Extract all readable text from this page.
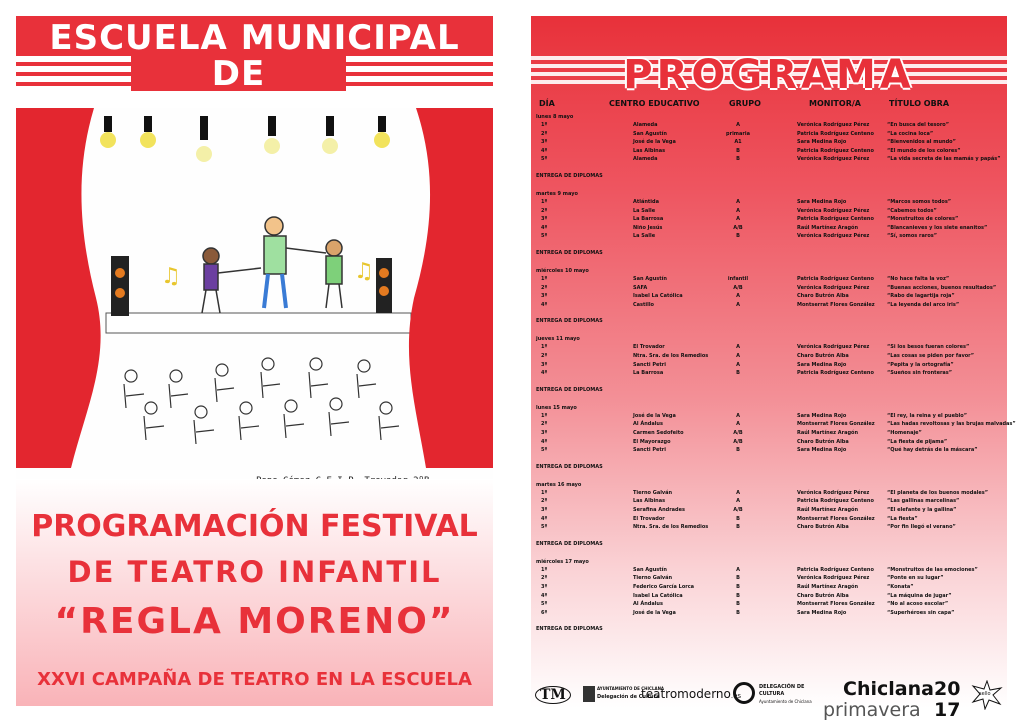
ESCUELA MUNICIPAL
DE
♫	♫
PROGRAMACIÓN FESTIVAL
DE TEATRO INFANTIL
“REGLA MORENO”
XXVI CAMPAÑA DE TEATRO EN LA ESCUELA
PROGRAMA
DÍA	CENTRO EDUCATIVO	GRUPO	MONITOR/A	TÍTULO OBRA
lunes 8 mayo
1º	Alameda	A	Verónica Rodríguez Pérez	“En busca del tesoro”
2º	San Agustín	primaria	Patricia Rodríguez Centeno	“La cocina loca”
3º	José de la Vega	A1	Sara Medina Rojo	“Bienvenidos al mundo”
4º	Las Albinas	B	Patricia Rodríguez Centeno	“El mundo de los colores”
5º	Alameda	B	Verónica Rodríguez Pérez	“La vida secreta de las mamás y papás”
ENTREGA DE DIPLOMAS
martes 9 mayo
1º	Atlántida	A	Sara Medina Rojo	“Marcos somos todos”
2º	La Salle	A	Verónica Rodríguez Pérez	“Cabemos todos”
3º	La Barrosa	A	Patricia Rodríguez Centeno	“Monstruitos de colores”
4º	Niño Jesús	A/B	Raúl Martínez Aragón	“Blancanieves y los siete enanitos”
5º	La Salle	B	Verónica Rodríguez Pérez	“Sí, somos raros”
ENTREGA DE DIPLOMAS
miércoles 10 mayo
1º	San Agustín	infantil	Patricia Rodríguez Centeno	“No hace falta la voz”
2º	SAFA	A/B	Verónica Rodríguez Pérez	“Buenas acciones, buenos resultados”
3º	Isabel La Católica	A	Charo Butrón Alba	“Rabo de lagartija roja”
4º	Castillo	A	Montserrat Flores González “La leyenda del arco iris”
ENTREGA DE DIPLOMAS
jueves 11 mayo
1º	El Trovador	A	Verónica Rodríguez Pérez	“Si los besos fueran colores”
2º	Ntra. Sra. de los Remedios	A	Charo Butrón Alba	“Las cosas se piden por favor”
3º	Sancti Petri	A	Sara Medina Rojo	“Pepita y la ortografía”
4º	La Barrosa	B	Patricia Rodríguez Centeno	“Sueños sin fronteras”
ENTREGA DE DIPLOMAS
lunes 15 mayo
1º	José de la Vega	A	Sara Medina Rojo	“El rey, la reina y el pueblo”
2º	Al Ándalus	A	Montserrat Flores González “Las hadas revoltosas y las brujas malvadas”
3º	Carmen Sedofeito	A/B	Raúl Martínez Aragón	“Homenaje”
4º	El Mayorazgo	A/B	Charo Butrón Alba	“La fiesta de pijama”
5º	Sancti Petri	B	Sara Medina Rojo	“Qué hay detrás de la máscara”
ENTREGA DE DIPLOMAS
martes 16 mayo
1º	Tierno Galván	A	Verónica Rodríguez Pérez	“El planeta de los buenos modales”
2º	Las Albinas	A	Patricia Rodríguez Centeno	“Las gallinas marcelinas”
3º	Serafina Andrades	A/B	Raúl Martínez Aragón	“El elefante y la gallina”
4º	El Trovador	B	Montserrat Flores González “La fiesta”
5º	Ntra. Sra. de los Remedios	B	Charo Butrón Alba	“Por fin llegó el verano”
ENTREGA DE DIPLOMAS
miércoles 17 mayo
1º	San Agustín	A	Patricia Rodríguez Centeno	“Monstruitos de las emociones”
2º	Tierno Galván	B	Verónica Rodríguez Pérez	“Ponte en su lugar”
3º	Federico García Lorca	B	Raúl Martínez Aragón	“Konata”
4º	Isabel La Católica	B	Charo Butrón Alba	“La máquina de jugar”
5º	Al Ándalus	B	Montserrat Flores González “No al acoso escolar”
6º	José de la Vega	B	Sara Medina Rojo	“Superhéroes sin capa”
ENTREGA DE DIPLOMAS
TM	AYUNTAMIENTO DE CHICLANA
Delegación de Cultura
teatromoderno.es
DELEGACIÓN DE
CULTURA
Ayuntamiento de Chiclana
Chiclana 20
primavera 17
sello
